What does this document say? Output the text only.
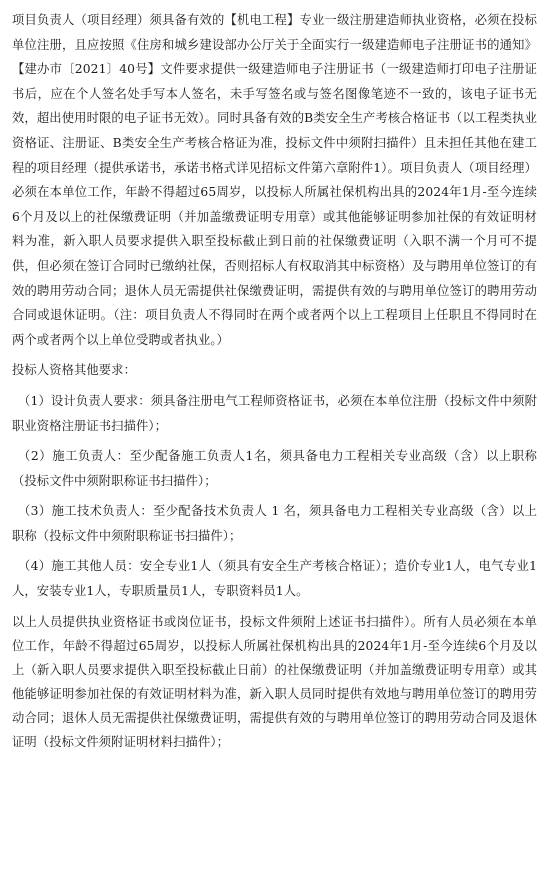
项目负责人（项目经理）须具备有效的【机电工程】专业一级注册建造师执业资格，必须在投标单位注册，且应按照《住房和城乡建设部办公厅关于全面实行一级建造师电子注册证书的通知》【建办市〔2021〕40号】文件要求提供一级建造师电子注册证书（一级建造师打印电子注册证书后，应在个人签名处手写本人签名，未手写签名或与签名图像笔迹不一致的，该电子证书无效，超出使用时限的电子证书无效）。同时具备有效的B类安全生产考核合格证书（以工程类执业资格证、注册证、B类安全生产考核合格证为准，投标文件中须附扫描件）且未担任其他在建工程的项目经理（提供承诺书，承诺书格式详见招标文件第六章附件1）。项目负责人（项目经理）必须在本单位工作，年龄不得超过65周岁，以投标人所属社保机构出具的2024年1月-至今连续6个月及以上的社保缴费证明（并加盖缴费证明专用章）或其他能够证明参加社保的有效证明材料为准，新入职人员要求提供入职至投标截止到日前的社保缴费证明（入职不满一个月可不提供，但必须在签订合同时已缴纳社保，否则招标人有权取消其中标资格）及与聘用单位签订的有效的聘用劳动合同；退休人员无需提供社保缴费证明，需提供有效的与聘用单位签订的聘用劳动合同或退休证明。（注：项目负责人不得同时在两个或者两个以上工程项目上任职且不得同时在两个或者两个以上单位受聘或者执业。）

投标人资格其他要求：

（1）设计负责人要求：须具备注册电气工程师资格证书，必须在本单位注册（投标文件中须附职业资格注册证书扫描件）；

（2）施工负责人：至少配备施工负责人1名，须具备电力工程相关专业高级（含）以上职称（投标文件中须附职称证书扫描件）；

（3）施工技术负责人：至少配备技术负责人 1 名，须具备电力工程相关专业高级（含）以上职称（投标文件中须附职称证书扫描件）；

（4）施工其他人员：安全专业1人（须具有安全生产考核合格证）；造价专业1人，电气专业1人，安装专业1人，专职质量员1人，专职资料员1人。

以上人员提供执业资格证书或岗位证书，投标文件须附上述证书扫描件）。所有人员必须在本单位工作，年龄不得超过65周岁，以投标人所属社保机构出具的2024年1月-至今连续6个月及以上（新入职人员要求提供入职至投标截止日前）的社保缴费证明（并加盖缴费证明专用章）或其他能够证明参加社保的有效证明材料为准，新入职人员同时提供有效地与聘用单位签订的聘用劳动合同；退休人员无需提供社保缴费证明，需提供有效的与聘用单位签订的聘用劳动合同及退休证明（投标文件须附证明材料扫描件）；
